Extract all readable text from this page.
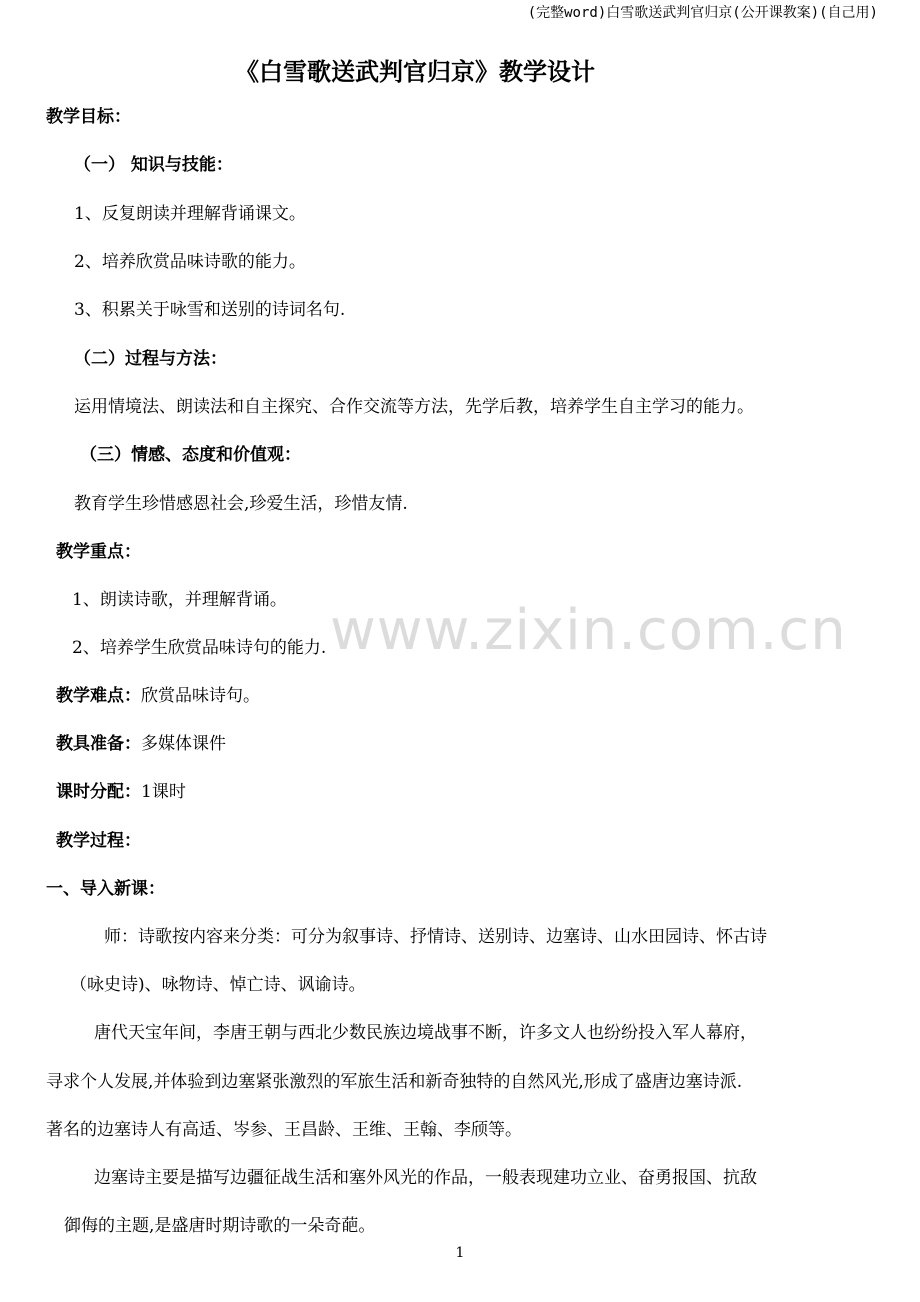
(完整word)白雪歌送武判官归京(公开课教案)(自己用)
《白雪歌送武判官归京》教学设计
教学目标：
（一） 知识与技能：
1、反复朗读并理解背诵课文。
2、培养欣赏品味诗歌的能力。
3、积累关于咏雪和送别的诗词名句.
（二）过程与方法：
运用情境法、朗读法和自主探究、合作交流等方法，先学后教，培养学生自主学习的能力。
（三）情感、态度和价值观：
教育学生珍惜感恩社会,珍爱生活，珍惜友情.
教学重点：
1、朗读诗歌，并理解背诵。
2、培养学生欣赏品味诗句的能力. www.zixin.com.cn
教学难点：欣赏品味诗句。
教具准备：多媒体课件
课时分配：1课时
教学过程：
一、导入新课：
师：诗歌按内容来分类：可分为叙事诗、抒情诗、送别诗、边塞诗、山水田园诗、怀古诗
（咏史诗)、咏物诗、悼亡诗、讽谕诗。
唐代天宝年间，李唐王朝与西北少数民族边境战事不断，许多文人也纷纷投入军人幕府，
寻求个人发展,并体验到边塞紧张激烈的军旅生活和新奇独特的自然风光,形成了盛唐边塞诗派.
著名的边塞诗人有高适、岑参、王昌龄、王维、王翰、李颀等。
边塞诗主要是描写边疆征战生活和塞外风光的作品，一般表现建功立业、奋勇报国、抗敌
御侮的主题,是盛唐时期诗歌的一朵奇葩。
1
